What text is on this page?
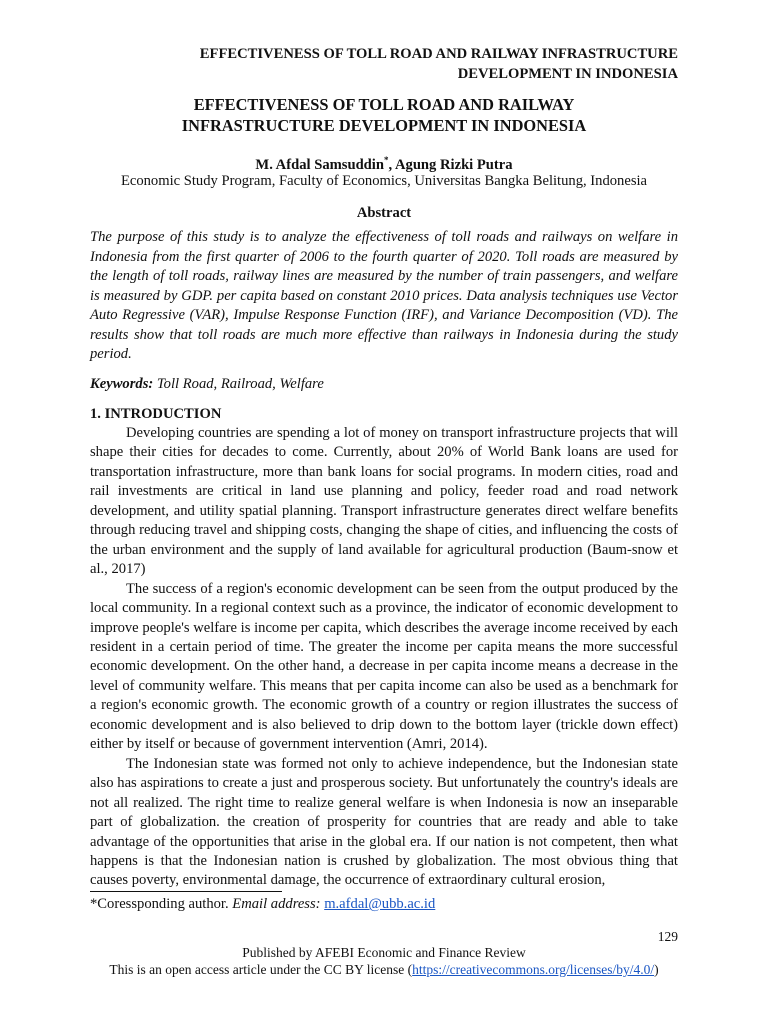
EFFECTIVENESS OF TOLL ROAD AND RAILWAY INFRASTRUCTURE
DEVELOPMENT IN INDONESIA
EFFECTIVENESS OF TOLL ROAD AND RAILWAY
INFRASTRUCTURE DEVELOPMENT IN INDONESIA
M. Afdal Samsuddin*, Agung Rizki Putra
Economic Study Program, Faculty of Economics, Universitas Bangka Belitung, Indonesia
Abstract

The purpose of this study is to analyze the effectiveness of toll roads and railways on welfare in Indonesia from the first quarter of 2006 to the fourth quarter of 2020. Toll roads are measured by the length of toll roads, railway lines are measured by the number of train passengers, and welfare is measured by GDP. per capita based on constant 2010 prices. Data analysis techniques use Vector Auto Regressive (VAR), Impulse Response Function (IRF), and Variance Decomposition (VD). The results show that toll roads are much more effective than railways in Indonesia during the study period.

Keywords: Toll Road, Railroad, Welfare
1. INTRODUCTION

Developing countries are spending a lot of money on transport infrastructure projects that will shape their cities for decades to come. Currently, about 20% of World Bank loans are used for transportation infrastructure, more than bank loans for social programs. In modern cities, road and rail investments are critical in land use planning and policy, feeder road and road network development, and utility spatial planning. Transport infrastructure generates direct welfare benefits through reducing travel and shipping costs, changing the shape of cities, and influencing the costs of the urban environment and the supply of land available for agricultural production (Baum-snow et al., 2017)

The success of a region's economic development can be seen from the output produced by the local community. In a regional context such as a province, the indicator of economic development to improve people's welfare is income per capita, which describes the average income received by each resident in a certain period of time. The greater the income per capita means the more successful economic development. On the other hand, a decrease in per capita income means a decrease in the level of community welfare. This means that per capita income can also be used as a benchmark for a region's economic growth. The economic growth of a country or region illustrates the success of economic development and is also believed to drip down to the bottom layer (trickle down effect) either by itself or because of government intervention (Amri, 2014).

The Indonesian state was formed not only to achieve independence, but the Indonesian state also has aspirations to create a just and prosperous society. But unfortunately the country's ideals are not all realized. The right time to realize general welfare is when Indonesia is now an inseparable part of globalization. the creation of prosperity for countries that are ready and able to take advantage of the opportunities that arise in the global era. If our nation is not competent, then what happens is that the Indonesian nation is crushed by globalization. The most obvious thing that causes poverty, environmental damage, the occurrence of extraordinary cultural erosion,

*Coressponding author. Email address: m.afdal@ubb.ac.id
129
Published by AFEBI Economic and Finance Review
This is an open access article under the CC BY license (https://creativecommons.org/licenses/by/4.0/)
